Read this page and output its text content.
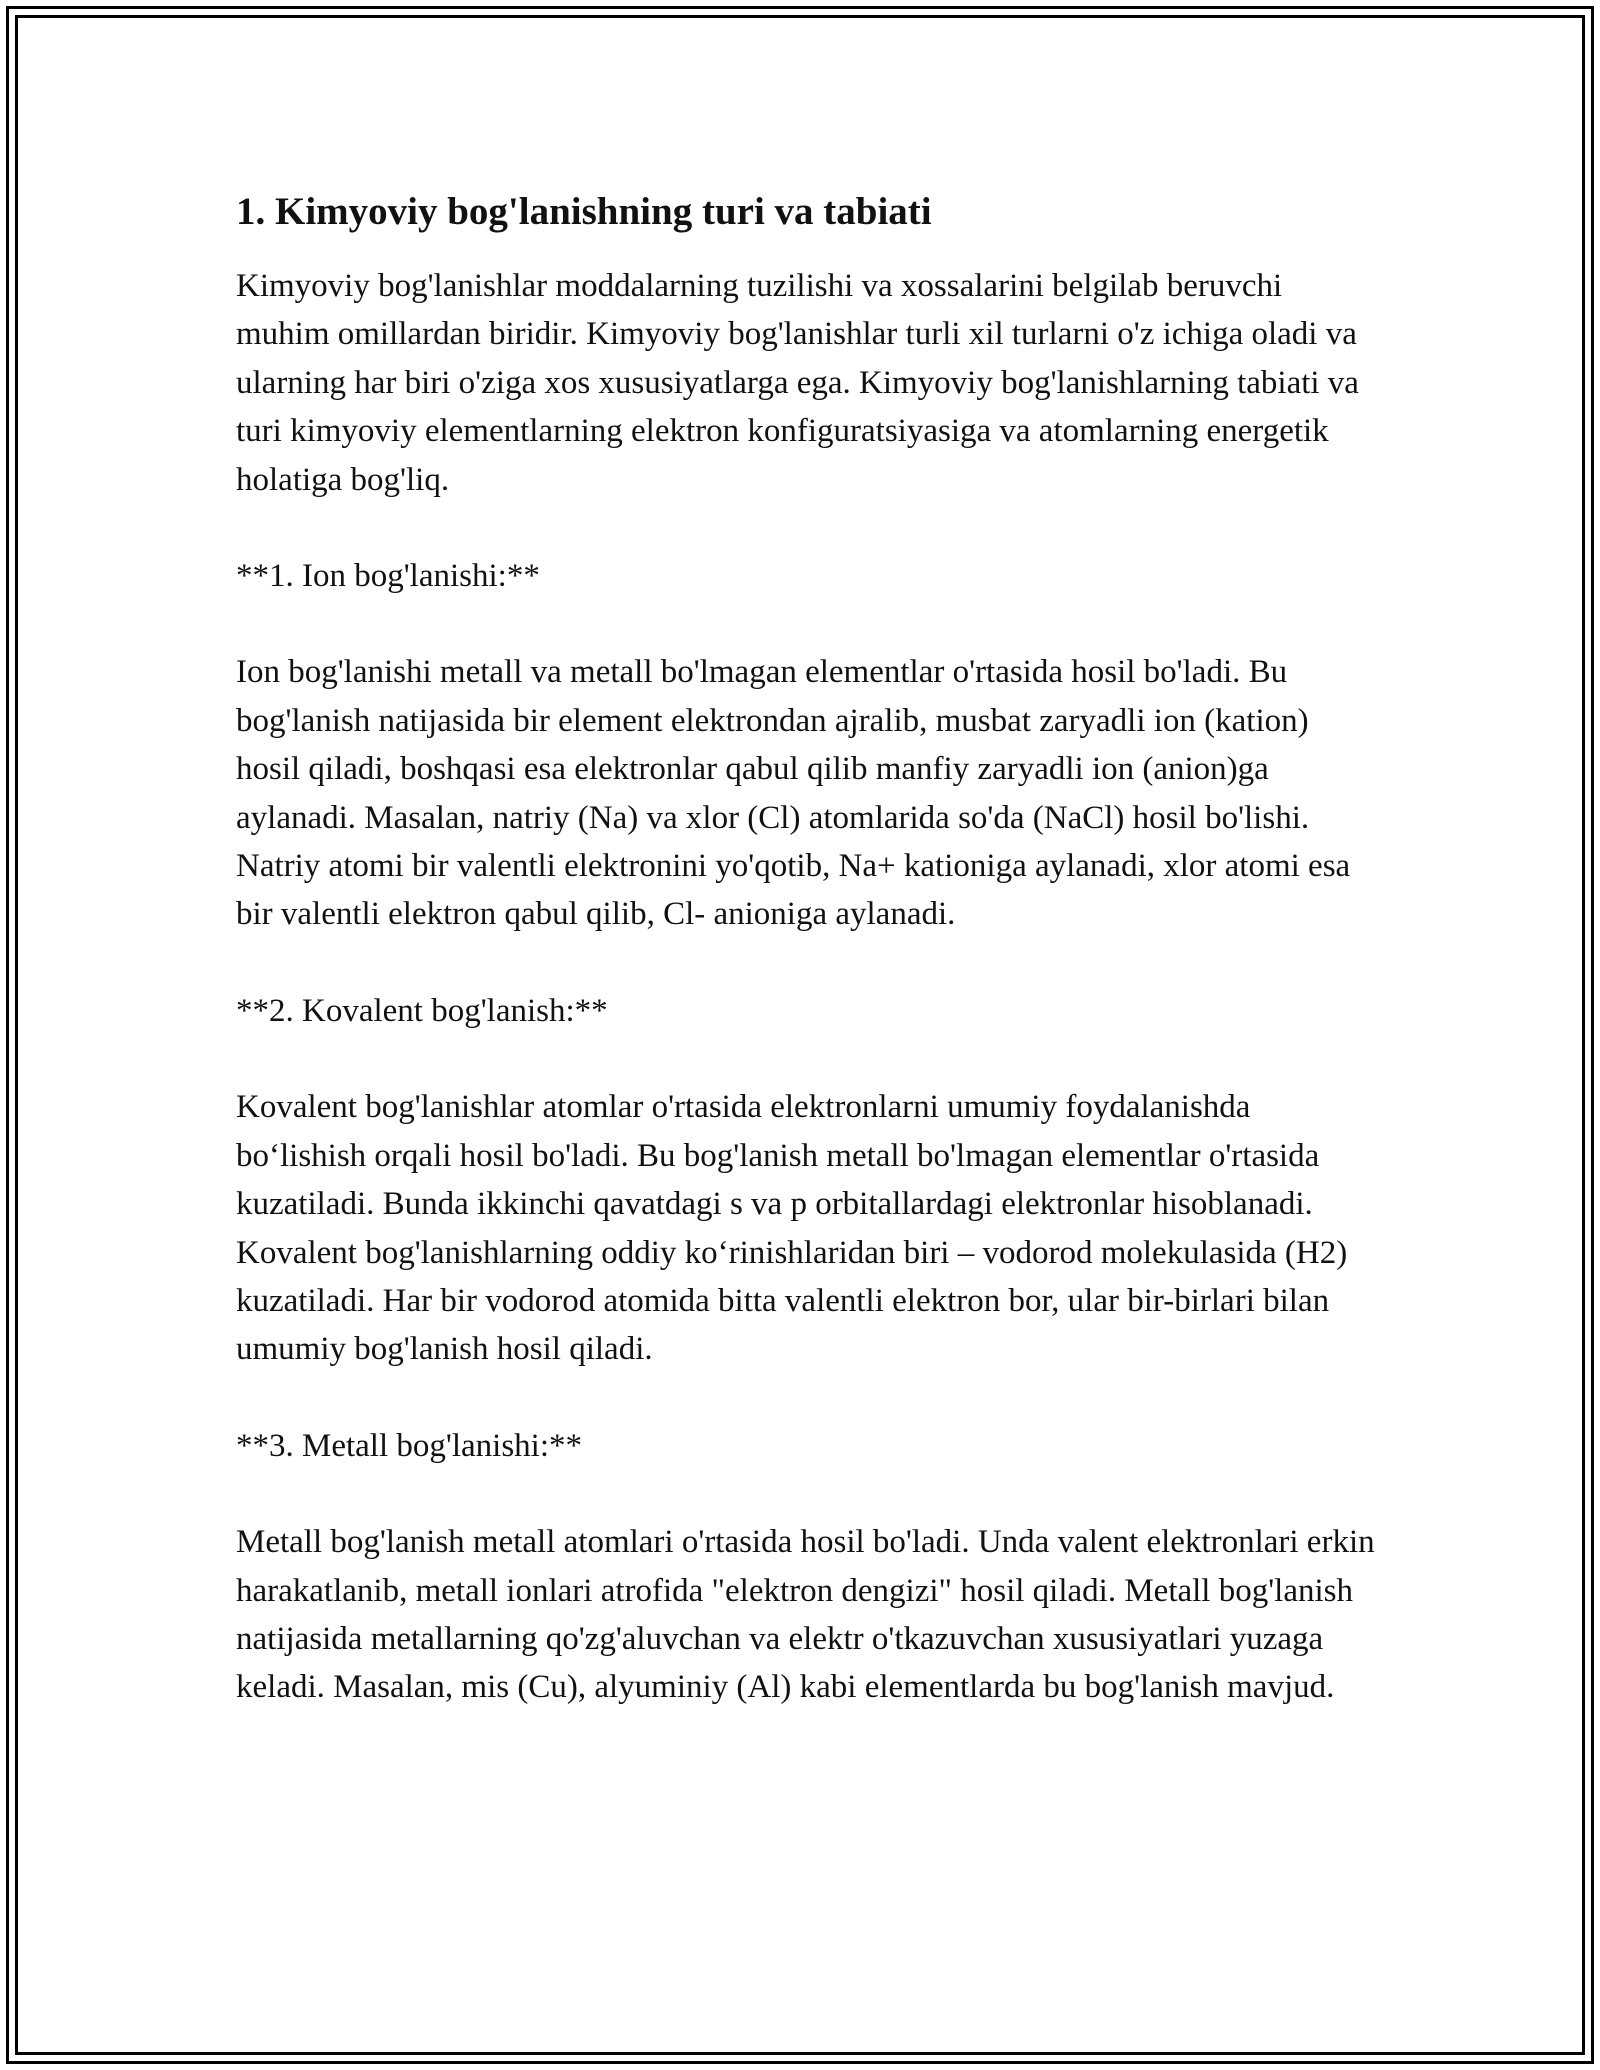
1. Kimyoviy bog'lanishning turi va tabiati

Kimyoviy bog'lanishlar moddalarning tuzilishi va xossalarini belgilab beruvchi muhim omillardan biridir. Kimyoviy bog'lanishlar turli xil turlarni o'z ichiga oladi va ularning har biri o'ziga xos xususiyatlarga ega. Kimyoviy bog'lanishlarning tabiati va turi kimyoviy elementlarning elektron konfiguratsiyasiga va atomlarning energetik holatiga bog'liq.

**1. Ion bog'lanishi:**

Ion bog'lanishi metall va metall bo'lmagan elementlar o'rtasida hosil bo'ladi. Bu bog'lanish natijasida bir element elektrondan ajralib, musbat zaryadli ion (kation) hosil qiladi, boshqasi esa elektronlar qabul qilib manfiy zaryadli ion (anion)ga aylanadi. Masalan, natriy (Na) va xlor (Cl) atomlarida so'da (NaCl) hosil bo'lishi. Natriy atomi bir valentli elektronini yo'qotib, Na+ kationiga aylanadi, xlor atomi esa bir valentli elektron qabul qilib, Cl- anioniga aylanadi.

**2. Kovalent bog'lanish:**

Kovalent bog'lanishlar atomlar o'rtasida elektronlarni umumiy foydalanishda bo‘lishish orqali hosil bo'ladi. Bu bog'lanish metall bo'lmagan elementlar o'rtasida kuzatiladi. Bunda ikkinchi qavatdagi s va p orbitallardagi elektronlar hisoblanadi. Kovalent bog'lanishlarning oddiy ko‘rinishlaridan biri – vodorod molekulasida (H2) kuzatiladi. Har bir vodorod atomida bitta valentli elektron bor, ular bir-birlari bilan umumiy bog'lanish hosil qiladi.

**3. Metall bog'lanishi:**

Metall bog'lanish metall atomlari o'rtasida hosil bo'ladi. Unda valent elektronlari erkin harakatlanib, metall ionlari atrofida "elektron dengizi" hosil qiladi. Metall bog'lanish natijasida metallarning qo'zg'aluvchan va elektr o'tkazuvchan xususiyatlari yuzaga keladi. Masalan, mis (Cu), alyuminiy (Al) kabi elementlarda bu bog'lanish mavjud.
